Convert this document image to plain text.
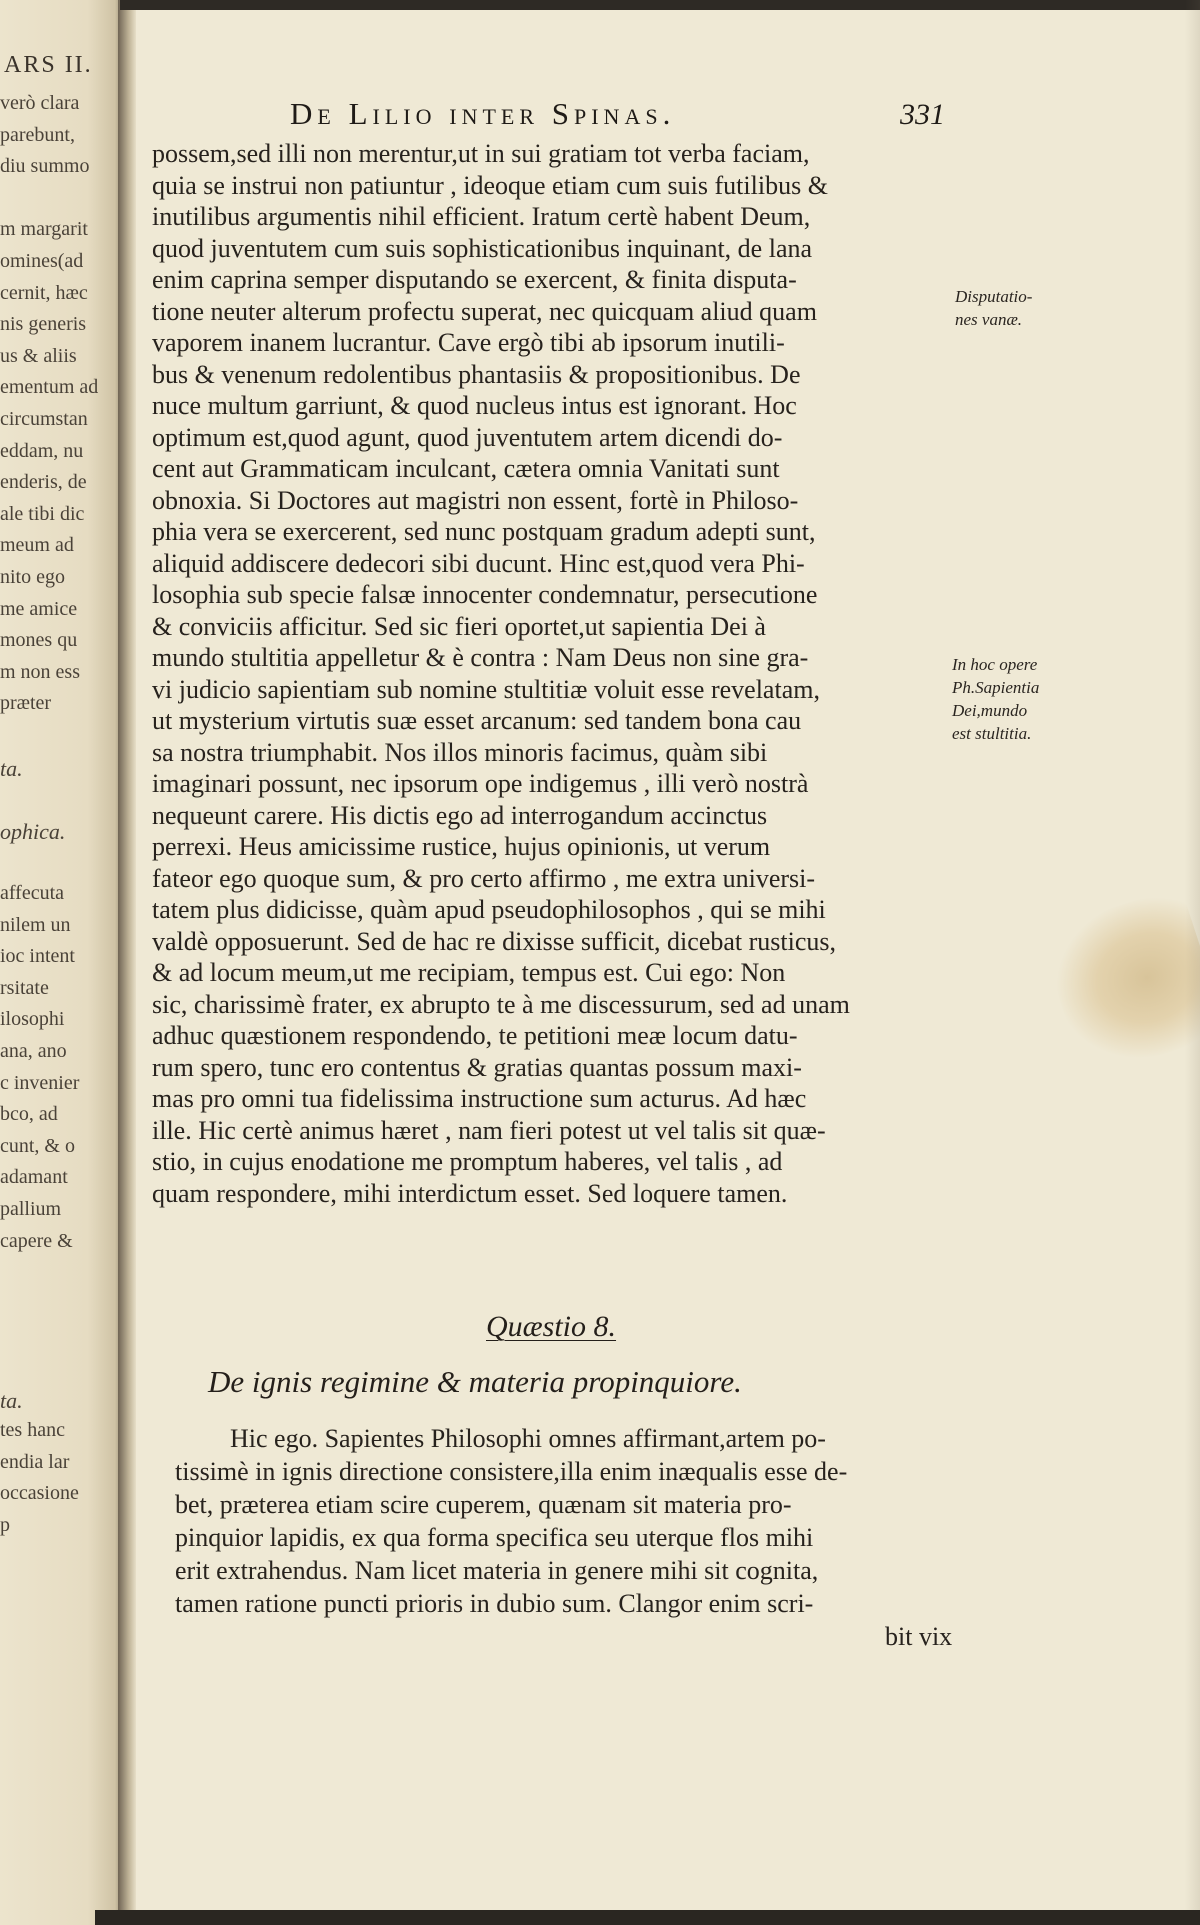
ARS II.
verò clara
parebunt,
diu summo
m margarit
omines(ad
cernit, hæc
nis generis
us & aliis
ementum ad
circumstan
eddam, nu
enderis, de
ale tibi dic
meum ad
nito ego
me amice
mones qu
m non ess
præter
ta.
ophica.
affecuta
nilem un
ioc intent
rsitate
ilosophi
ana, ano
c invenier
bco, ad
cunt, & o
adamant
pallium
capere &
ta.
tes hanc
endia lar
occasione
p
De Lilio inter Spinas.	331
possem,sed illi non merentur,ut in sui gratiam tot verba faciam,
quia se instrui non patiuntur , ideoque etiam cum suis futilibus &
inutilibus argumentis nihil efficient. Iratum certè habent Deum,
quod juventutem cum suis sophisticationibus inquinant, de lana
enim caprina semper disputando se exercent, & finita disputa-
tione neuter alterum profectu superat, nec quicquam aliud quam
vaporem inanem lucrantur. Cave ergò tibi ab ipsorum inutili-
bus & venenum redolentibus phantasiis & propositionibus. De
nuce multum garriunt, & quod nucleus intus est ignorant. Hoc
optimum est,quod agunt, quod juventutem artem dicendi do-
cent aut Grammaticam inculcant, cætera omnia Vanitati sunt
obnoxia. Si Doctores aut magistri non essent, fortè in Philoso-
phia vera se exercerent, sed nunc postquam gradum adepti sunt,
aliquid addiscere dedecori sibi ducunt. Hinc est,quod vera Phi-
losophia sub specie falsæ innocenter condemnatur, persecutione
& conviciis afficitur. Sed sic fieri oportet,ut sapientia Dei à
mundo stultitia appelletur & è contra : Nam Deus non sine gra-
vi judicio sapientiam sub nomine stultitiæ voluit esse revelatam,
ut mysterium virtutis suæ esset arcanum: sed tandem bona cau
sa nostra triumphabit. Nos illos minoris facimus, quàm sibi
imaginari possunt, nec ipsorum ope indigemus , illi verò nostrà
nequeunt carere. His dictis ego ad interrogandum accinctus
perrexi. Heus amicissime rustice, hujus opinionis, ut verum
fateor ego quoque sum, & pro certo affirmo , me extra universi-
tatem plus didicisse, quàm apud pseudophilosophos , qui se mihi
valdè opposuerunt. Sed de hac re dixisse sufficit, dicebat rusticus,
& ad locum meum,ut me recipiam, tempus est. Cui ego: Non
sic, charissimè frater, ex abrupto te à me discessurum, sed ad unam
adhuc quæstionem respondendo, te petitioni meæ locum datu-
rum spero, tunc ero contentus & gratias quantas possum maxi-
mas pro omni tua fidelissima instructione sum acturus. Ad hæc
ille. Hic certè animus hæret , nam fieri potest ut vel talis sit quæ-
stio, in cujus enodatione me promptum haberes, vel talis , ad
quam respondere, mihi interdictum esset. Sed loquere tamen.
Disputatio-
nes vanæ.
In hoc opere
Ph.Sapientia
Dei,mundo
est stultitia.
Quæstio 8.
De ignis regimine & materia propinquiore.
Hic ego. Sapientes Philosophi omnes affirmant,artem po-
tissimè in ignis directione consistere,illa enim inæqualis esse de-
bet, præterea etiam scire cuperem, quænam sit materia pro-
pinquior lapidis, ex qua forma specifica seu uterque flos mihi
erit extrahendus. Nam licet materia in genere mihi sit cognita,
tamen ratione puncti prioris in dubio sum. Clangor enim scri-
bit vix
